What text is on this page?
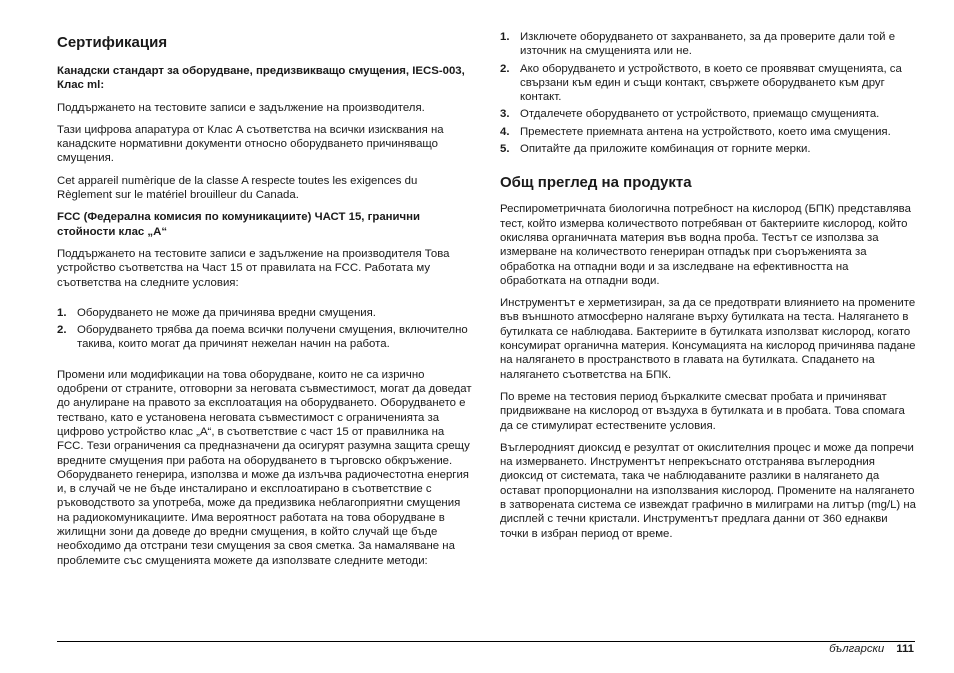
Сертификация
Канадски стандарт за оборудване, предизвикващо смущения, IECS-003, Клас ml:

Поддържането на тестовите записи е задължение на производителя.

Тази цифрова апаратура от Клас А съответства на всички изисквания на канадските нормативни документи относно оборудването причиняващо смущения.

Cet appareil numèrique de la classe A respecte toutes les exigences du Règlement sur le matériel brouilleur du Canada.

FCC (Федерална комисия по комуникациите) ЧАСТ 15, гранични стойности клас „А“

Поддържането на тестовите записи е задължение на производителя Това устройство съответства на Част 15 от правилата на FCC. Работата му съответства на следните условия:

1. Оборудването не може да причинява вредни смущения.
2. Оборудването трябва да поема всички получени смущения, включително такива, които могат да причинят нежелан начин на работа.

Промени или модификации на това оборудване, които не са изрично одобрени от страните, отговорни за неговата съвместимост, могат да доведат до анулиране на правото за експлоатация на оборудването. Оборудването е тествано, като е установена неговата съвместимост с ограниченията за цифрово устройство клас „А“, в съответствие с част 15 от правилника на FCC. Тези ограничения са предназначени да осигурят разумна защита срещу вредните смущения при работа на оборудването в търговско обкръжение. Оборудването генерира, използва и може да излъчва радиочестотна енергия и, в случай че не бъде инсталирано и експлоатирано в съответствие с ръководството за употреба, може да предизвика неблагоприятни смущения на радиокомуникациите. Има вероятност работата на това оборудване в жилищни зони да доведе до вредни смущения, в който случай ще бъде необходимо да отстрани тези смущения за своя сметка. За намаляване на проблемите със смущенията можете да използвате следните методи:

1. Изключете оборудването от захранването, за да проверите дали той е източник на смущенията или не.
2. Ако оборудването и устройството, в което се проявяват смущенията, са свързани към един и същи контакт, свържете оборудването към друг контакт.
3. Отдалечете оборудването от устройството, приемащо смущенията.
4. Преместете приемната антена на устройството, което има смущения.
5. Опитайте да приложите комбинация от горните мерки.
Общ преглед на продукта

Респирометричната биологична потребност на кислород (БПК) представлява тест, който измерва количеството потребяван от бактериите кислород, който окислява органичната материя във водна проба. Тестът се използва за измерване на количеството генериран отпадък при съоръженията за обработка на отпадни води и за изследване на ефективността на обработката на отпадни води.

Инструментът е херметизиран, за да се предотврати влиянието на промените във външното атмосферно налягане върху бутилката на теста. Налягането в бутилката се наблюдава. Бактериите в бутилката използват кислород, когато консумират органична материя. Консумацията на кислород причинява падане на налягането в пространството в главата на бутилката. Спадането на налягането съответства на БПК.

По време на тестовия период бъркалките смесват пробата и причиняват придвижване на кислород от въздуха в бутилката и в пробата. Това спомага да се стимулират естествените условия.

Въглеродният диоксид е резултат от окислителния процес и може да попречи на измерването. Инструментът непрекъснато отстранява въглеродния диоксид от системата, така че наблюдаваните разлики в налягането да остават пропорционални на използвания кислород. Промените на налягането в затворената система се извеждат графично в милиграми на литър (mg/L) на дисплей с течни кристали. Инструментът предлага данни от 360 еднакви точки в избран период от време.

български 111
